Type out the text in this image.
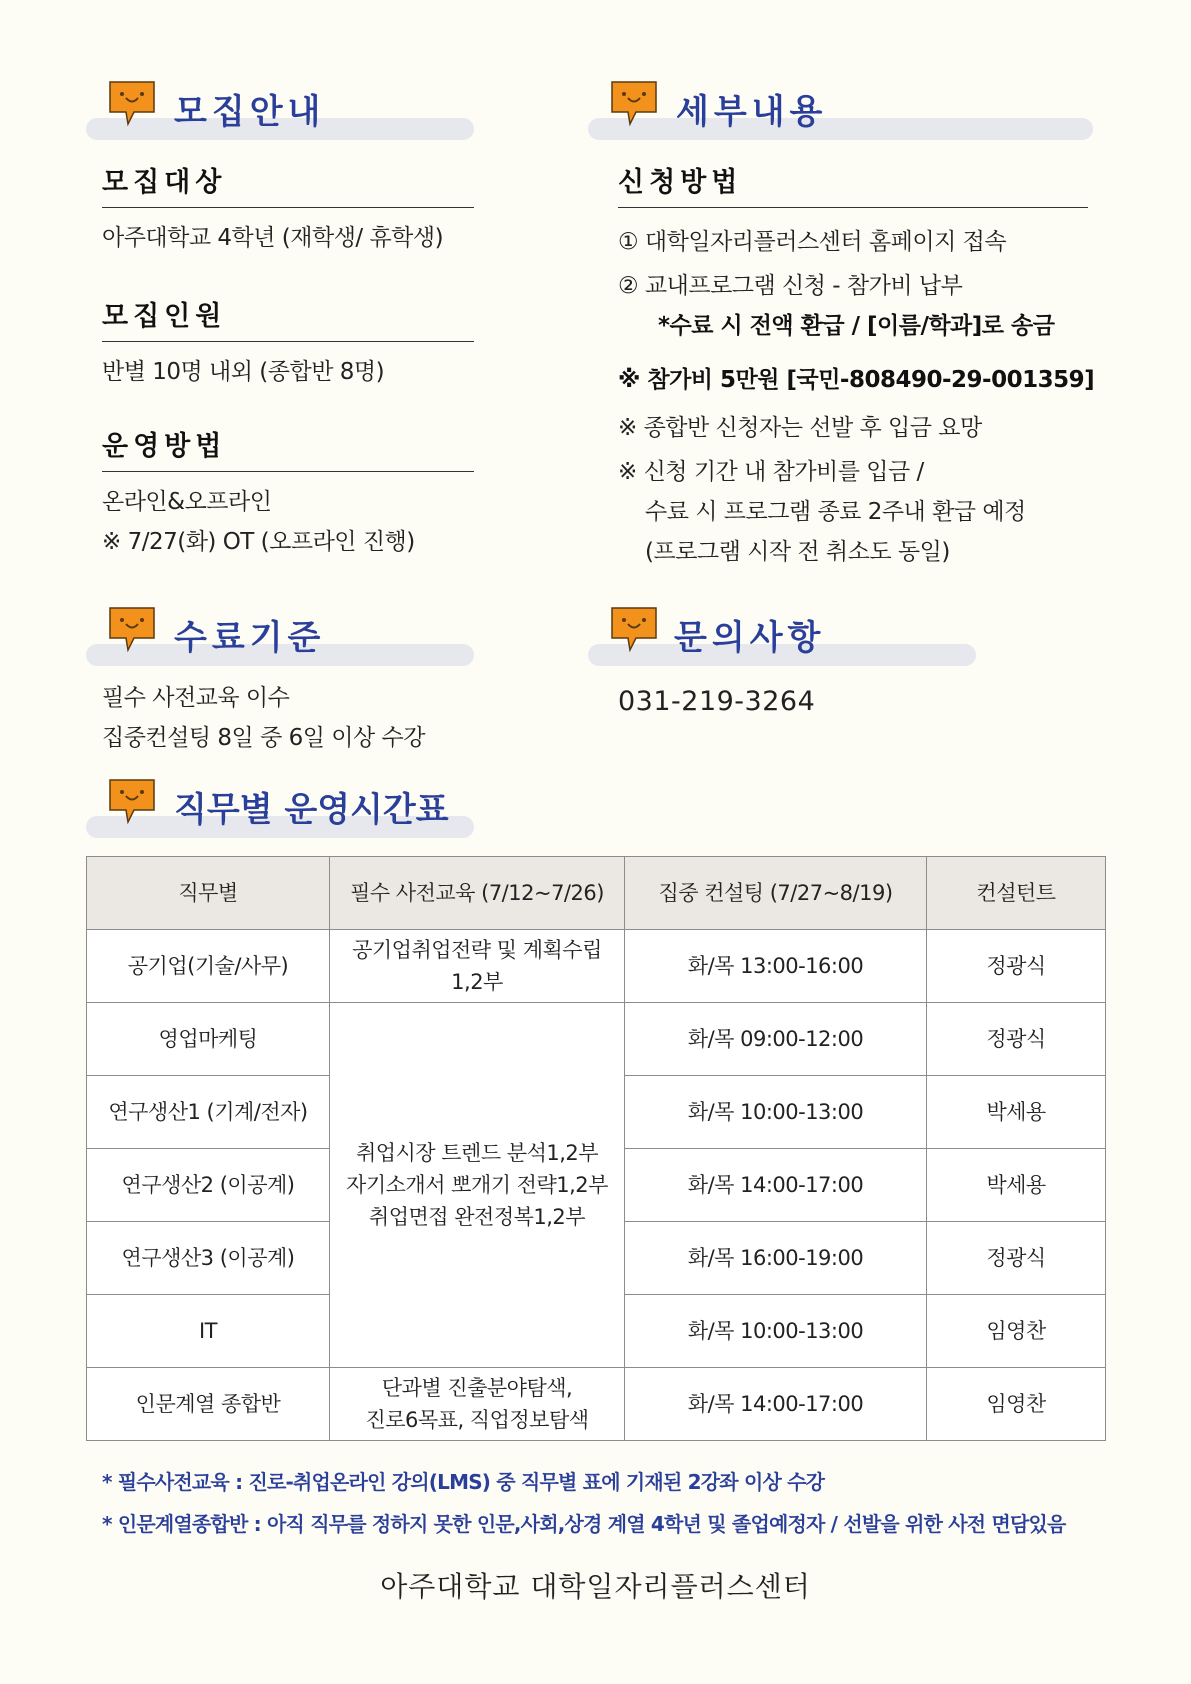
모집안내
모집대상
아주대학교 4학년 (재학생/ 휴학생)
모집인원
반별 10명 내외 (종합반 8명)
운영방법
온라인&오프라인
※ 7/27(화) OT (오프라인 진행)
세부내용
신청방법
① 대학일자리플러스센터 홈페이지 접속
② 교내프로그램 신청 - 참가비 납부
*수료 시 전액 환급 / [이름/학과]로 송금
※ 참가비 5만원 [국민-808490-29-001359]
※ 종합반 신청자는 선발 후 입금 요망
※ 신청 기간 내 참가비를 입금 /
수료 시 프로그램 종료 2주내 환급 예정
(프로그램 시작 전 취소도 동일)
수료기준
필수 사전교육 이수
집중컨설팅 8일 중 6일 이상 수강
문의사항
031-219-3264
직무별 운영시간표
직무별	필수 사전교육 (7/12~7/26)	집중 컨설팅 (7/27~8/19)	컨설턴트
공기업(기술/사무)	공기업취업전략 및 계획수립
1,2부	화/목 13:00-16:00	정광식
영업마케팅	취업시장 트렌드 분석1,2부
자기소개서 뽀개기 전략1,2부
취업면접 완전정복1,2부	화/목 09:00-12:00	정광식
연구생산1 (기계/전자)		화/목 10:00-13:00	박세용
연구생산2 (이공계)		화/목 14:00-17:00	박세용
연구생산3 (이공계)		화/목 16:00-19:00	정광식
IT		화/목 10:00-13:00	임영찬
인문계열 종합반	단과별 진출분야탐색,
진로6목표, 직업정보탐색	화/목 14:00-17:00	임영찬
* 필수사전교육 : 진로-취업온라인 강의(LMS) 중 직무별 표에 기재된 2강좌 이상 수강
* 인문계열종합반 : 아직 직무를 정하지 못한 인문,사회,상경 계열 4학년 및 졸업예정자 / 선발을 위한 사전 면담있음
아주대학교 대학일자리플러스센터
